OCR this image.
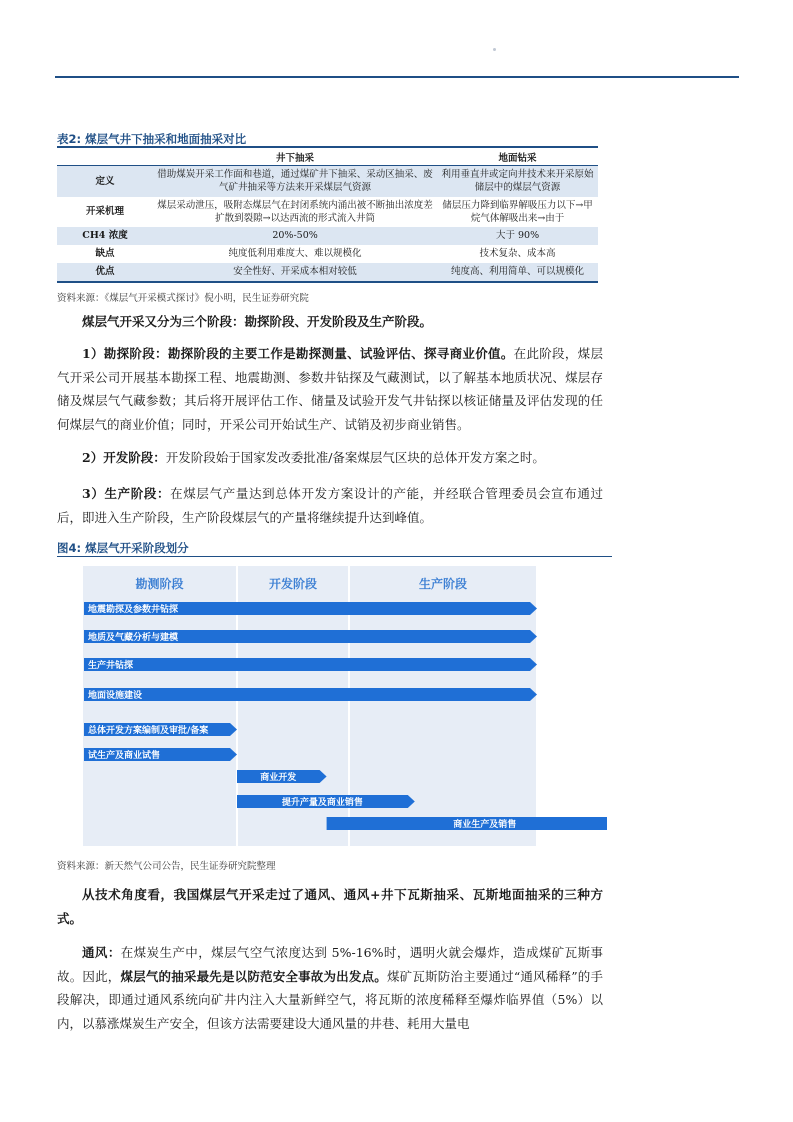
表2: 煤层气井下抽采和地面抽采对比
	井下抽采	地面钻采
定义	借助煤炭开采工作面和巷道，通过煤矿井下抽采、采动区抽采、废气矿井抽采等方法来开采煤层气资源	利用垂直井或定向井技术来开采原始储层中的煤层气资源
开采机理	煤层采动泄压，吸附态煤层气在封闭系统内涌出被不断抽出浓度差扩散到裂隙→以达西流的形式流入井筒	储层压力降到临界解吸压力以下→甲烷气体解吸出来→由于
CH4 浓度	20%-50%	大于 90%
缺点	纯度低利用难度大、难以规模化	技术复杂、成本高
优点	安全性好、开采成本相对较低	纯度高、利用简单、可以规模化
资料来源：《煤层气开采模式探讨》倪小明，民生证券研究院
煤层气开采又分为三个阶段：勘探阶段、开发阶段及生产阶段。
1）勘探阶段：勘探阶段的主要工作是勘探测量、试验评估、探寻商业价值。在此阶段，煤层气开采公司开展基本勘探工程、地震勘测、参数井钻探及气藏测试，以了解基本地质状况、煤层存储及煤层气气藏参数；其后将开展评估工作、储量及试验开发气井钻探以核证储量及评估发现的任何煤层气的商业价值；同时，开采公司开始试生产、试销及初步商业销售。
2）开发阶段：开发阶段始于国家发改委批准/备案煤层气区块的总体开发方案之时。
3）生产阶段：在煤层气产量达到总体开发方案设计的产能，并经联合管理委员会宣布通过后，即进入生产阶段，生产阶段煤层气的产量将继续提升达到峰值。
图4: 煤层气开采阶段划分
勘测阶段	开发阶段	生产阶段
地震勘探及参数井钻探
地质及气藏分析与建模
生产井钻探
地面设施建设
总体开发方案编制及审批/备案
试生产及商业试售
商业开发
提升产量及商业销售
商业生产及销售
资料来源：新天然气公司公告，民生证券研究院整理
从技术角度看，我国煤层气开采走过了通风、通风+井下瓦斯抽采、瓦斯地面抽采的三种方式。
通风：在煤炭生产中，煤层气空气浓度达到 5%-16%时，遇明火就会爆炸，造成煤矿瓦斯事故。因此，煤层气的抽采最先是以防范安全事故为出发点。煤矿瓦斯防治主要通过“通风稀释”的手段解决，即通过通风系统向矿井内注入大量新鲜空气，将瓦斯的浓度稀释至爆炸临界值（5%）以内，以慕涨煤炭生产安全，但该方法需要建设大通风量的井巷、耗用大量电
